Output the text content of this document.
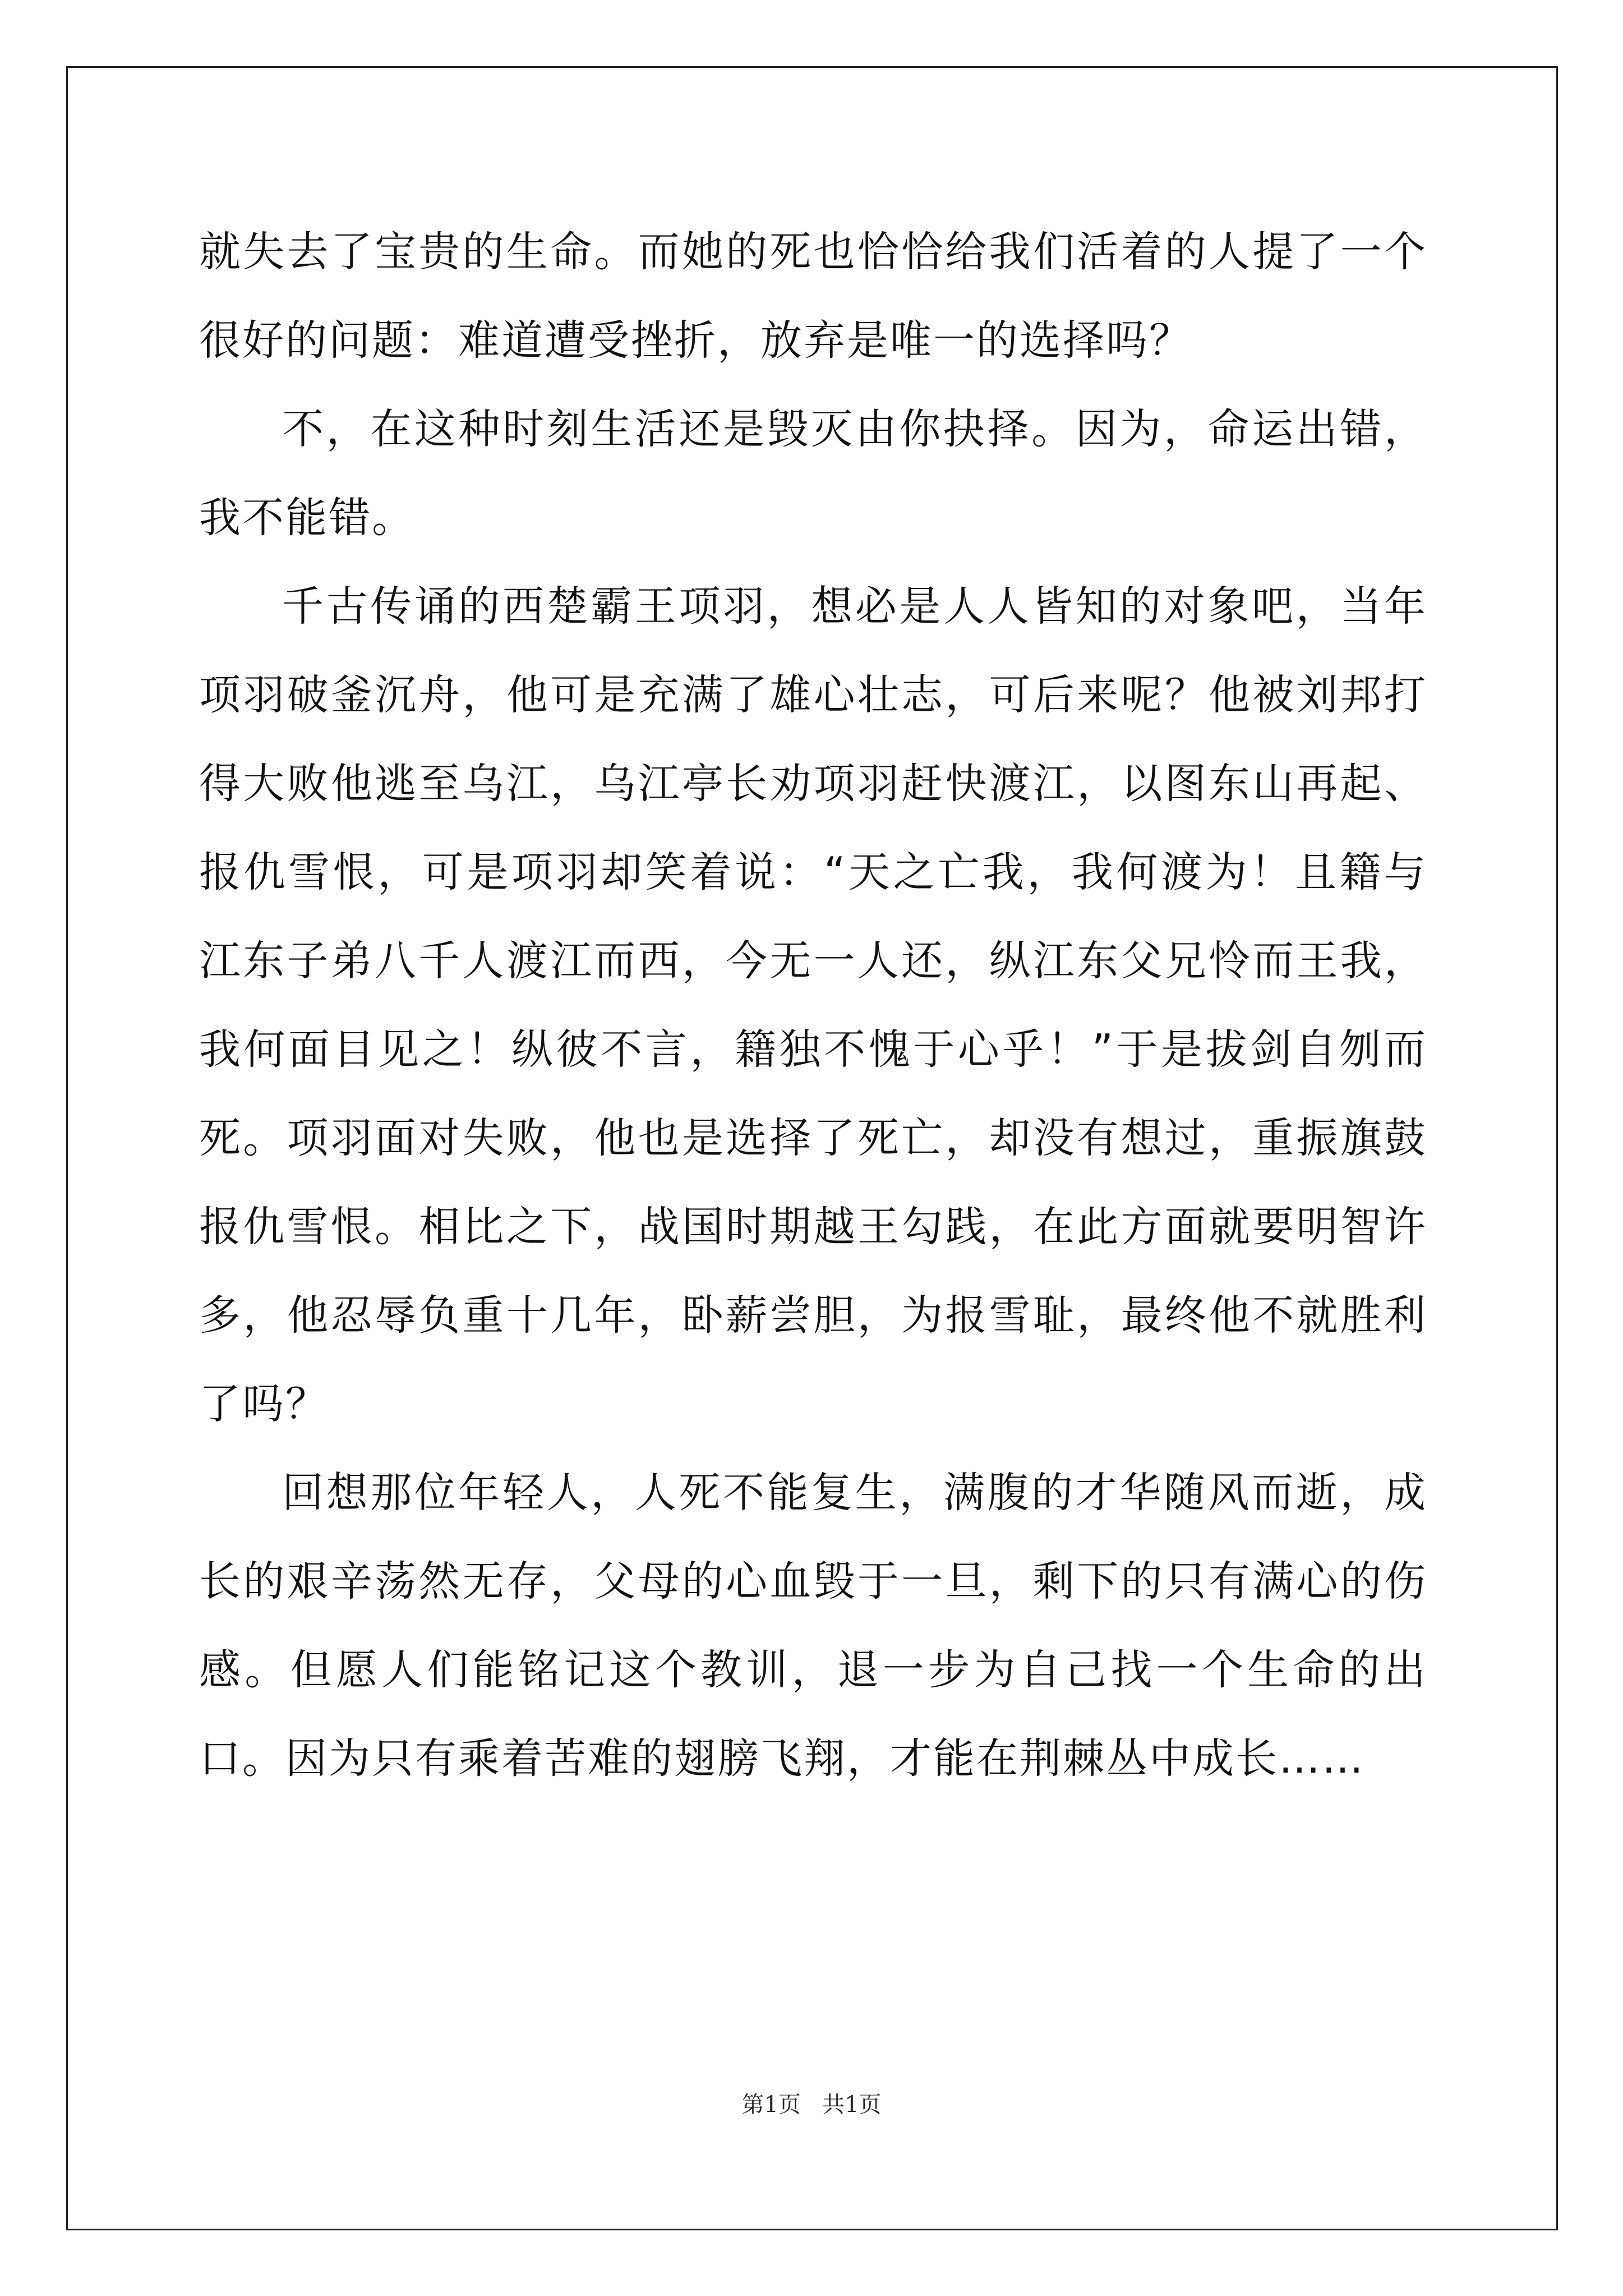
就失去了宝贵的生命。而她的死也恰恰给我们活着的人提了一个很好的问题：难道遭受挫折，放弃是唯一的选择吗？

不，在这种时刻生活还是毁灭由你抉择。因为，命运出错，我不能错。

千古传诵的西楚霸王项羽，想必是人人皆知的对象吧，当年项羽破釜沉舟，他可是充满了雄心壮志，可后来呢？他被刘邦打得大败他逃至乌江，乌江亭长劝项羽赶快渡江，以图东山再起、报仇雪恨，可是项羽却笑着说：“天之亡我，我何渡为！且籍与江东子弟八千人渡江而西，今无一人还，纵江东父兄怜而王我，我何面目见之！纵彼不言，籍独不愧于心乎！”于是拔剑自刎而死。项羽面对失败，他也是选择了死亡，却没有想过，重振旗鼓报仇雪恨。相比之下，战国时期越王勾践，在此方面就要明智许多，他忍辱负重十几年，卧薪尝胆，为报雪耻，最终他不就胜利了吗？

回想那位年轻人，人死不能复生，满腹的才华随风而逝，成长的艰辛荡然无存，父母的心血毁于一旦，剩下的只有满心的伤感。但愿人们能铭记这个教训，退一步为自己找一个生命的出口。因为只有乘着苦难的翅膀飞翔，才能在荆棘丛中成长……

第1页 共1页
